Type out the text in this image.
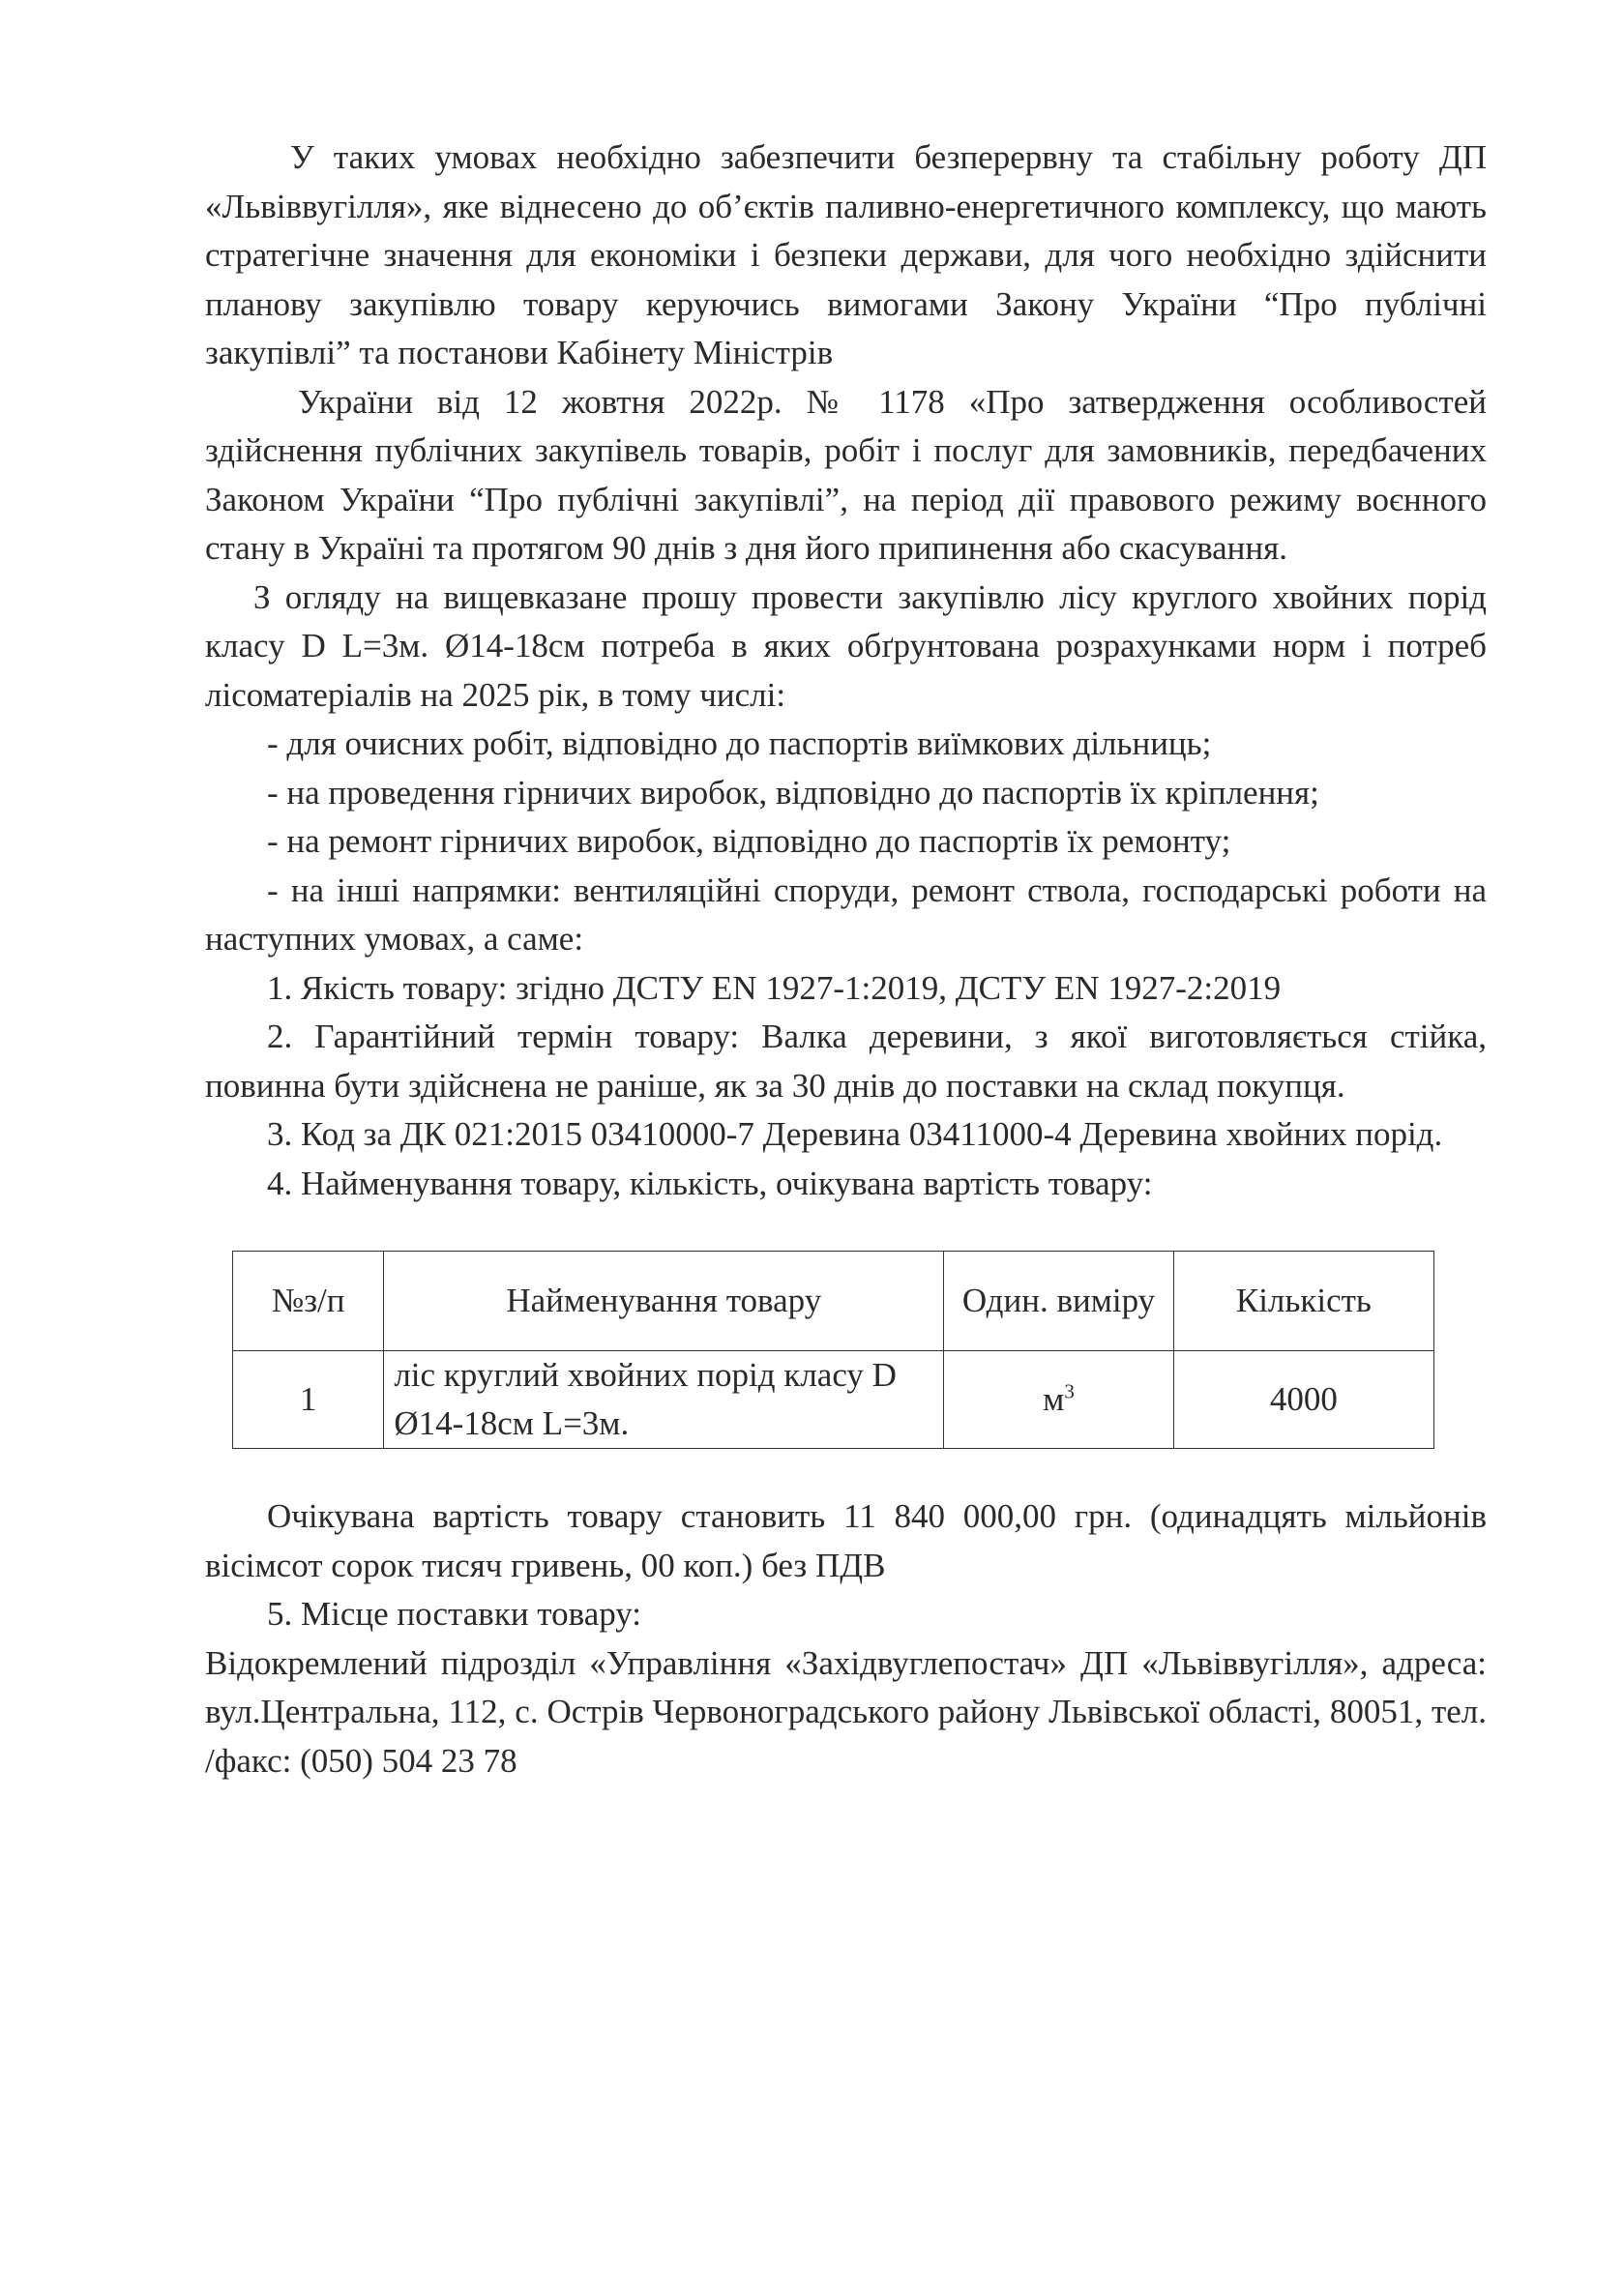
У таких умовах необхідно забезпечити безперервну та стабільну роботу ДП «Львіввугілля», яке віднесено до об’єктів паливно-енергетичного комплексу, що мають стратегічне значення для економіки і безпеки держави, для чого необхідно здійснити планову закупівлю товару керуючись вимогами Закону України “Про публічні закупівлі” та постанови Кабінету Міністрів

України від 12 жовтня 2022р. № 1178 «Про затвердження особливостей здійснення публічних закупівель товарів, робіт і послуг для замовників, передбачених Законом України “Про публічні закупівлі”, на період дії правового режиму воєнного стану в Україні та протягом 90 днів з дня його припинення або скасування.

З огляду на вищевказане прошу провести закупівлю лісу круглого хвойних порід класу D L=3м. Ø14-18см потреба в яких обґрунтована розрахунками норм і потреб лісоматеріалів на 2025 рік, в тому числі:

- для очисних робіт, відповідно до паспортів виїмкових дільниць;

- на проведення гірничих виробок, відповідно до паспортів їх кріплення;

- на ремонт гірничих виробок, відповідно до паспортів їх ремонту;

- на інші напрямки: вентиляційні споруди, ремонт ствола, господарські роботи на наступних умовах, а саме:

1. Якість товару: згідно ДСТУ EN 1927-1:2019, ДСТУ EN 1927-2:2019

2. Гарантійний термін товару: Валка деревини, з якої виготовляється стійка, повинна бути здійснена не раніше, як за 30 днів до поставки на склад покупця.

3. Код за ДК 021:2015 03410000-7 Деревина 03411000-4 Деревина хвойних порід.

4. Найменування товару, кількість, очікувана вартість товару:

№з/п	Найменування товару	Один. виміру	Кількість
1	ліс круглий хвойних порід класу D Ø14-18см L=3м.	$м^3$	4000

Очікувана вартість товару становить 11 840 000,00 грн. (одинадцять мільйонів вісімсот сорок тисяч гривень, 00 коп.) без ПДВ

5. Місце поставки товару:

Відокремлений підрозділ «Управління «Західвуглепостач» ДП «Львіввугілля», адреса: вул.Центральна, 112, с. Острів Червоноградського району Львівської області, 80051, тел. /факс: (050) 504 23 78
